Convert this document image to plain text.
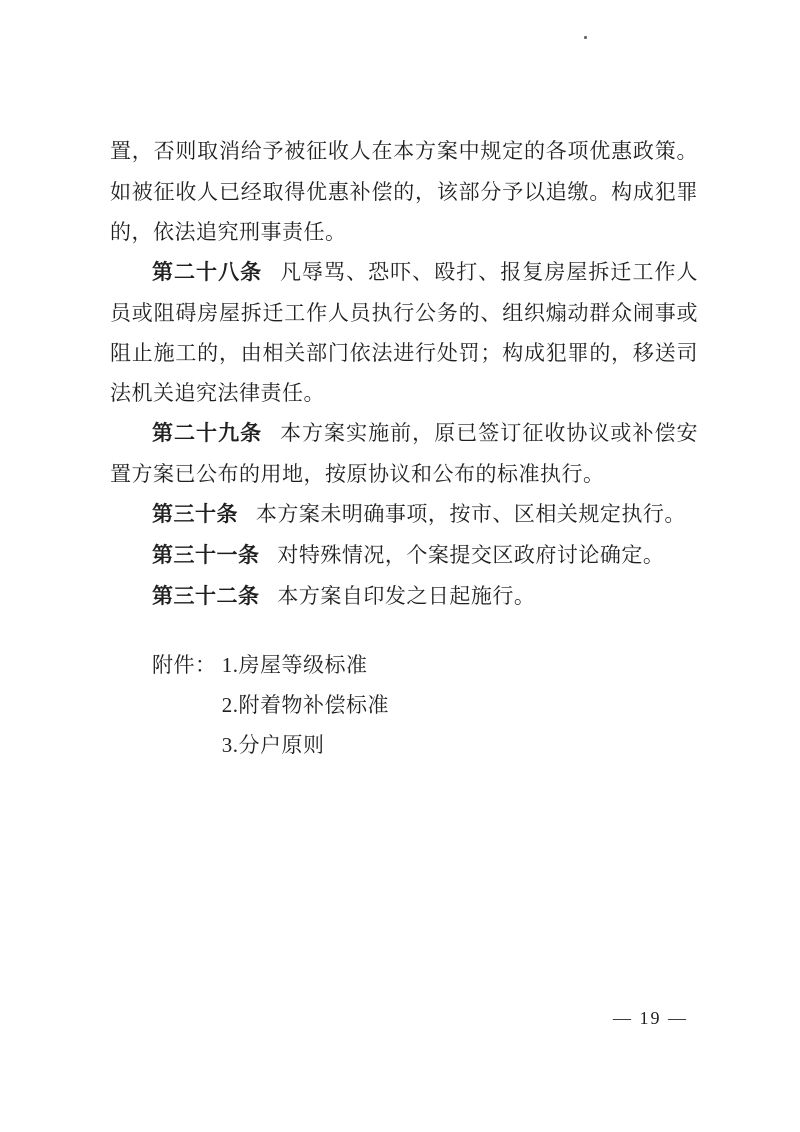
置，否则取消给予被征收人在本方案中规定的各项优惠政策。如被征收人已经取得优惠补偿的，该部分予以追缴。构成犯罪的，依法追究刑事责任。

第二十八条 凡辱骂、恐吓、殴打、报复房屋拆迁工作人员或阻碍房屋拆迁工作人员执行公务的、组织煽动群众闹事或阻止施工的，由相关部门依法进行处罚；构成犯罪的，移送司法机关追究法律责任。

第二十九条 本方案实施前，原已签订征收协议或补偿安置方案已公布的用地，按原协议和公布的标准执行。

第三十条 本方案未明确事项，按市、区相关规定执行。

第三十一条 对特殊情况，个案提交区政府讨论确定。

第三十二条 本方案自印发之日起施行。

附件： 1.房屋等级标准
2.附着物补偿标准
3.分户原则
— 19 —
